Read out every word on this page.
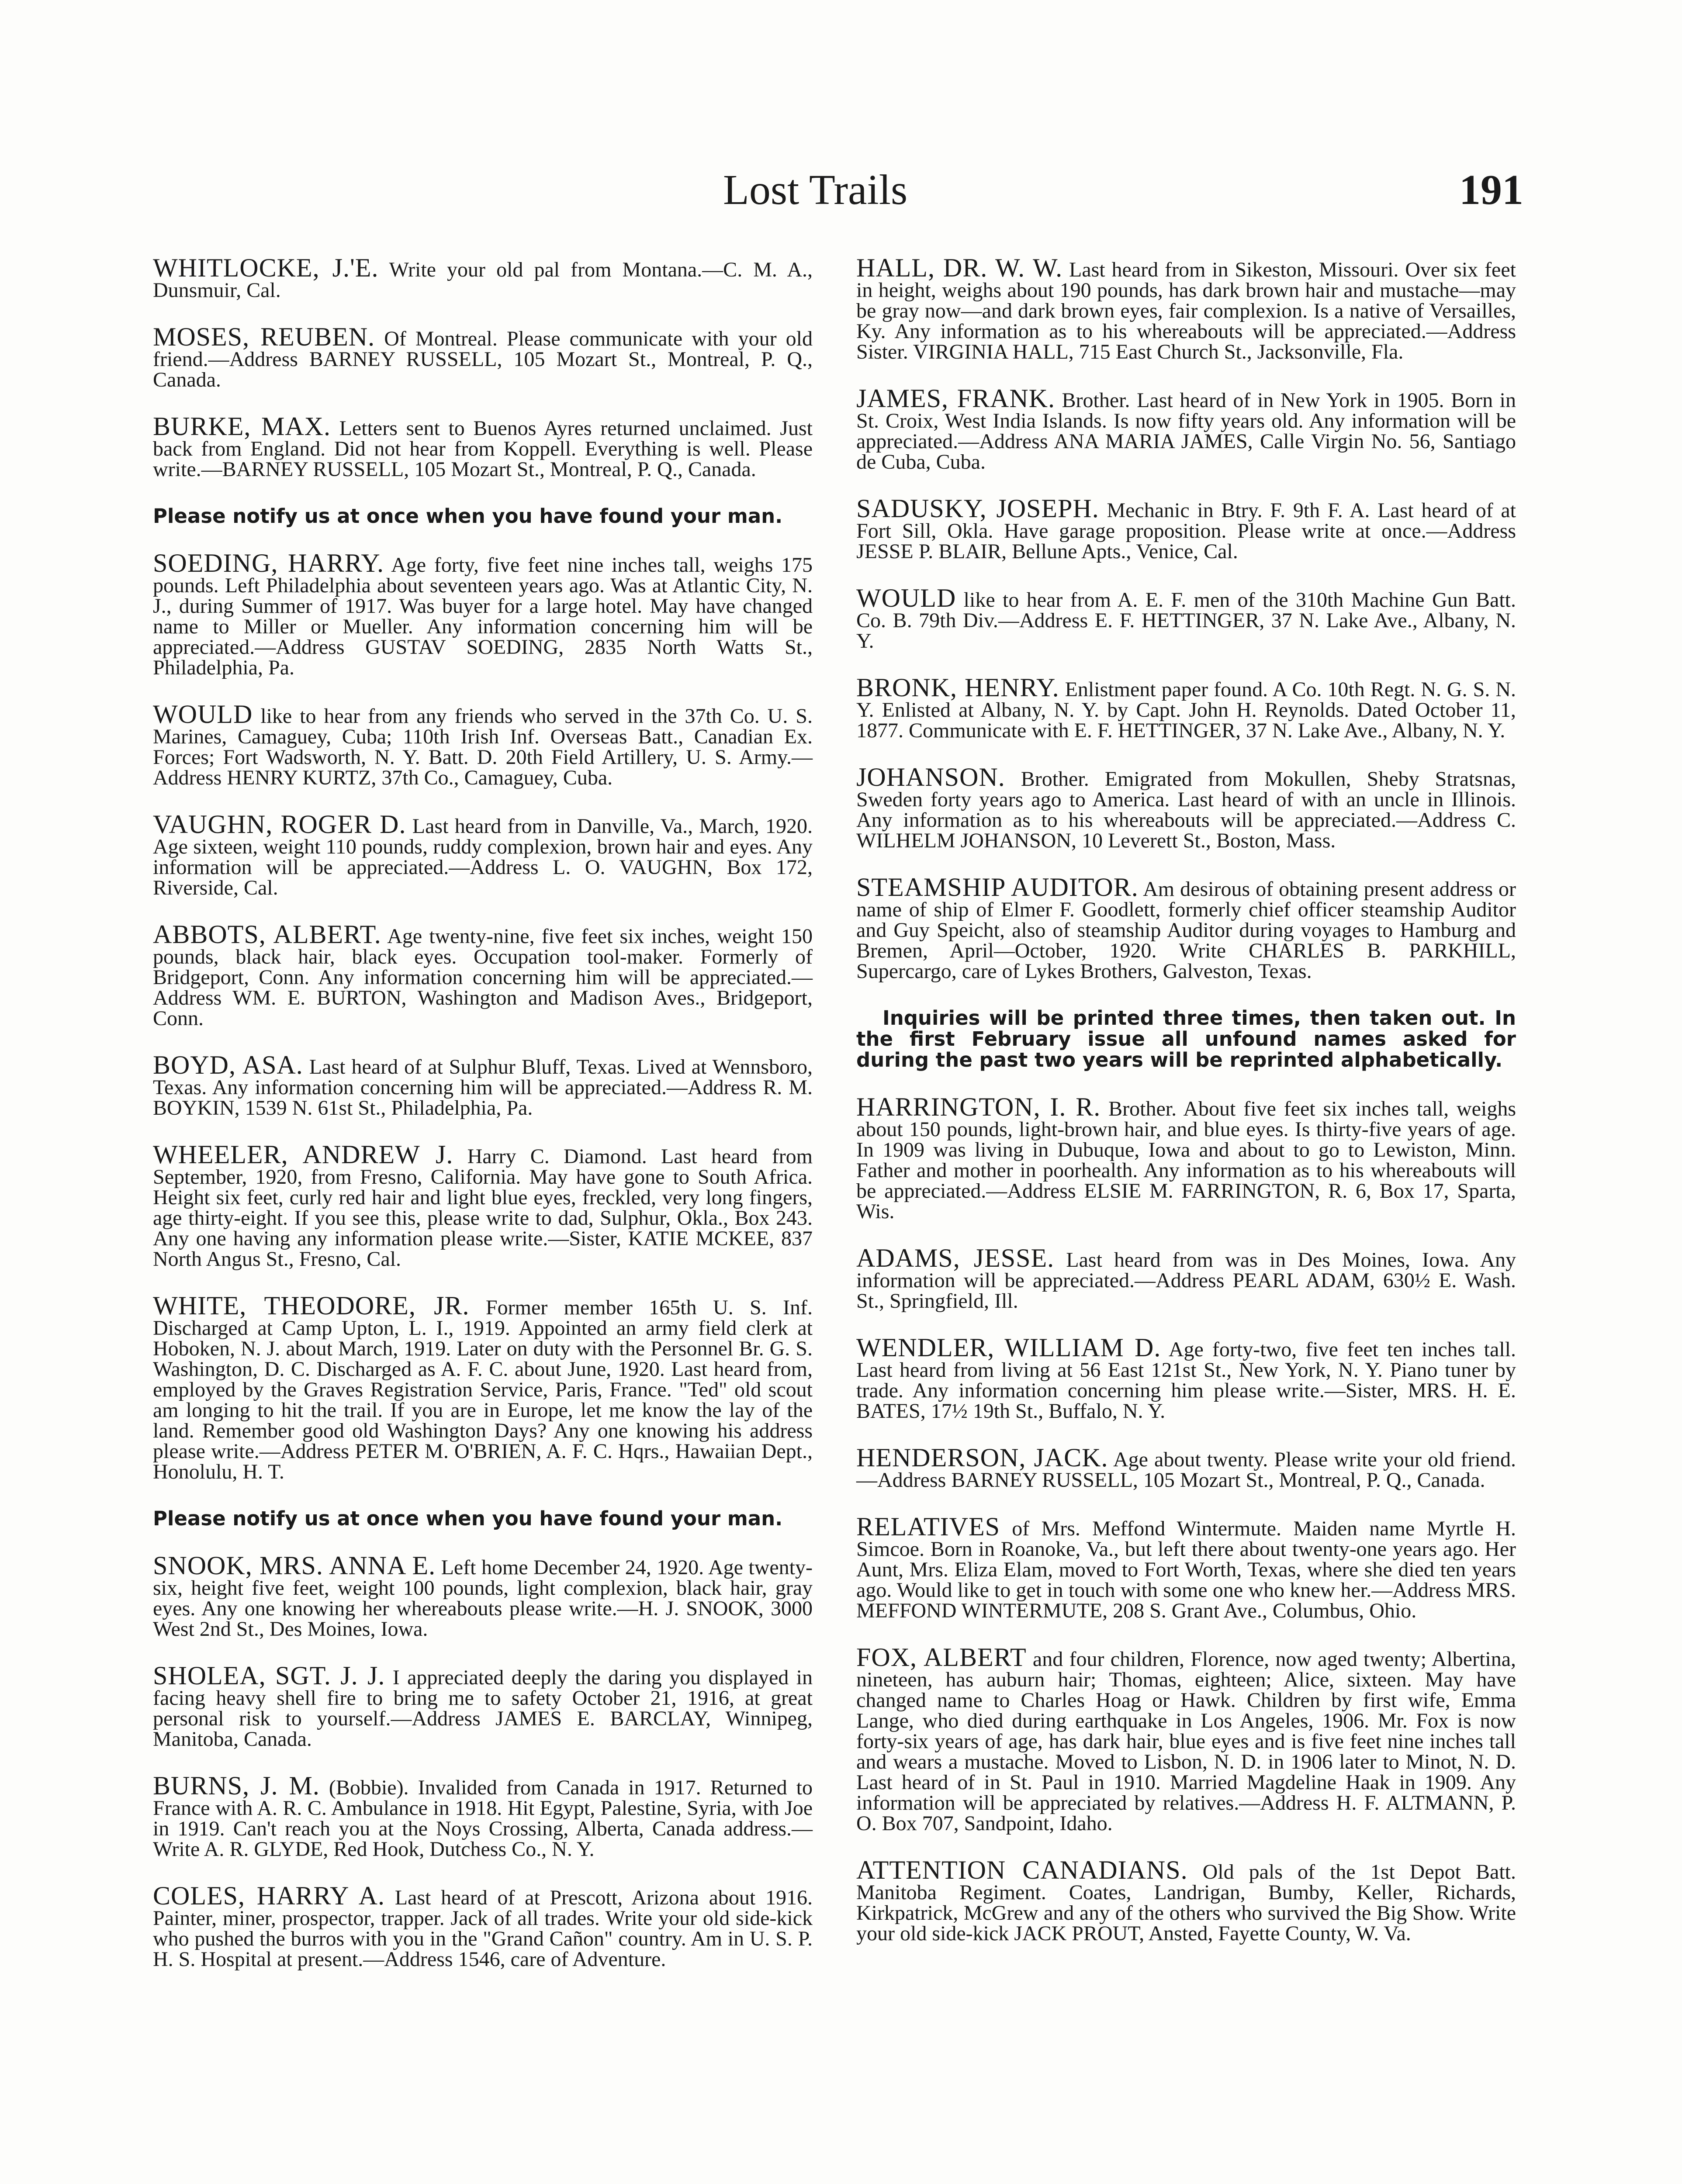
Lost Trails	191

WHITLOCKE, J.'E. Write your old pal from Montana.—C. M. A., Dunsmuir, Cal.

MOSES, REUBEN. Of Montreal. Please communicate with your old friend.—Address BARNEY RUSSELL, 105 Mozart St., Montreal, P. Q., Canada.

BURKE, MAX. Letters sent to Buenos Ayres returned unclaimed. Just back from England. Did not hear from Koppell. Everything is well. Please write.—BARNEY RUSSELL, 105 Mozart St., Montreal, P. Q., Canada.

Please notify us at once when you have found your man.

SOEDING, HARRY. Age forty, five feet nine inches tall, weighs 175 pounds. Left Philadelphia about seventeen years ago. Was at Atlantic City, N. J., during Summer of 1917. Was buyer for a large hotel. May have changed name to Miller or Mueller. Any information concerning him will be appreciated.—Address GUSTAV SOEDING, 2835 North Watts St., Philadelphia, Pa.

WOULD like to hear from any friends who served in the 37th Co. U. S. Marines, Camaguey, Cuba; 110th Irish Inf. Overseas Batt., Canadian Ex. Forces; Fort Wadsworth, N. Y. Batt. D. 20th Field Artillery, U. S. Army.—Address HENRY KURTZ, 37th Co., Camaguey, Cuba.

VAUGHN, ROGER D. Last heard from in Danville, Va., March, 1920. Age sixteen, weight 110 pounds, ruddy complexion, brown hair and eyes. Any information will be appreciated.—Address L. O. VAUGHN, Box 172, Riverside, Cal.

ABBOTS, ALBERT. Age twenty-nine, five feet six inches, weight 150 pounds, black hair, black eyes. Occupation tool-maker. Formerly of Bridgeport, Conn. Any information concerning him will be appreciated.—Address WM. E. BURTON, Washington and Madison Aves., Bridgeport, Conn.

BOYD, ASA. Last heard of at Sulphur Bluff, Texas. Lived at Wennsboro, Texas. Any information concerning him will be appreciated.—Address R. M. BOYKIN, 1539 N. 61st St., Philadelphia, Pa.

WHEELER, ANDREW J. Harry C. Diamond. Last heard from September, 1920, from Fresno, California. May have gone to South Africa. Height six feet, curly red hair and light blue eyes, freckled, very long fingers, age thirty-eight. If you see this, please write to dad, Sulphur, Okla., Box 243. Any one having any information please write.—Sister, KATIE MCKEE, 837 North Angus St., Fresno, Cal.

WHITE, THEODORE, JR. Former member 165th U. S. Inf. Discharged at Camp Upton, L. I., 1919. Appointed an army field clerk at Hoboken, N. J. about March, 1919. Later on duty with the Personnel Br. G. S. Washington, D. C. Discharged as A. F. C. about June, 1920. Last heard from, employed by the Graves Registration Service, Paris, France. "Ted" old scout am longing to hit the trail. If you are in Europe, let me know the lay of the land. Remember good old Washington Days? Any one knowing his address please write.—Address PETER M. O'BRIEN, A. F. C. Hqrs., Hawaiian Dept., Honolulu, H. T.

Please notify us at once when you have found your man.

SNOOK, MRS. ANNA E. Left home December 24, 1920. Age twenty-six, height five feet, weight 100 pounds, light complexion, black hair, gray eyes. Any one knowing her whereabouts please write.—H. J. SNOOK, 3000 West 2nd St., Des Moines, Iowa.

SHOLEA, SGT. J. J. I appreciated deeply the daring you displayed in facing heavy shell fire to bring me to safety October 21, 1916, at great personal risk to yourself.—Address JAMES E. BARCLAY, Winnipeg, Manitoba, Canada.

BURNS, J. M. (Bobbie). Invalided from Canada in 1917. Returned to France with A. R. C. Ambulance in 1918. Hit Egypt, Palestine, Syria, with Joe in 1919. Can't reach you at the Noys Crossing, Alberta, Canada address.—Write A. R. GLYDE, Red Hook, Dutchess Co., N. Y.

COLES, HARRY A. Last heard of at Prescott, Arizona about 1916. Painter, miner, prospector, trapper. Jack of all trades. Write your old side-kick who pushed the burros with you in the "Grand Cañon" country. Am in U. S. P. H. S. Hospital at present.—Address 1546, care of Adventure.

HALL, DR. W. W. Last heard from in Sikeston, Missouri. Over six feet in height, weighs about 190 pounds, has dark brown hair and mustache—may be gray now—and dark brown eyes, fair complexion. Is a native of Versailles, Ky. Any information as to his whereabouts will be appreciated.—Address Sister. VIRGINIA HALL, 715 East Church St., Jacksonville, Fla.

JAMES, FRANK. Brother. Last heard of in New York in 1905. Born in St. Croix, West India Islands. Is now fifty years old. Any information will be appreciated.—Address ANA MARIA JAMES, Calle Virgin No. 56, Santiago de Cuba, Cuba.

SADUSKY, JOSEPH. Mechanic in Btry. F. 9th F. A. Last heard of at Fort Sill, Okla. Have garage proposition. Please write at once.—Address JESSE P. BLAIR, Bellune Apts., Venice, Cal.

WOULD like to hear from A. E. F. men of the 310th Machine Gun Batt. Co. B. 79th Div.—Address E. F. HETTINGER, 37 N. Lake Ave., Albany, N. Y.

BRONK, HENRY. Enlistment paper found. A Co. 10th Regt. N. G. S. N. Y. Enlisted at Albany, N. Y. by Capt. John H. Reynolds. Dated October 11, 1877. Communicate with E. F. HETTINGER, 37 N. Lake Ave., Albany, N. Y.

JOHANSON. Brother. Emigrated from Mokullen, Sheby Stratsnas, Sweden forty years ago to America. Last heard of with an uncle in Illinois. Any information as to his whereabouts will be appreciated.—Address C. WILHELM JOHANSON, 10 Leverett St., Boston, Mass.

STEAMSHIP AUDITOR. Am desirous of obtaining present address or name of ship of Elmer F. Goodlett, formerly chief officer steamship Auditor and Guy Speicht, also of steamship Auditor during voyages to Hamburg and Bremen, April—October, 1920. Write CHARLES B. PARKHILL, Supercargo, care of Lykes Brothers, Galveston, Texas.

Inquiries will be printed three times, then taken out. In the first February issue all unfound names asked for during the past two years will be reprinted alphabetically.

HARRINGTON, I. R. Brother. About five feet six inches tall, weighs about 150 pounds, light-brown hair, and blue eyes. Is thirty-five years of age. In 1909 was living in Dubuque, Iowa and about to go to Lewiston, Minn. Father and mother in poorhealth. Any information as to his whereabouts will be appreciated.—Address ELSIE M. FARRINGTON, R. 6, Box 17, Sparta, Wis.

ADAMS, JESSE. Last heard from was in Des Moines, Iowa. Any information will be appreciated.—Address PEARL ADAM, 630½ E. Wash. St., Springfield, Ill.

WENDLER, WILLIAM D. Age forty-two, five feet ten inches tall. Last heard from living at 56 East 121st St., New York, N. Y. Piano tuner by trade. Any information concerning him please write.—Sister, MRS. H. E. BATES, 17½ 19th St., Buffalo, N. Y.

HENDERSON, JACK. Age about twenty. Please write your old friend.—Address BARNEY RUSSELL, 105 Mozart St., Montreal, P. Q., Canada.

RELATIVES of Mrs. Meffond Wintermute. Maiden name Myrtle H. Simcoe. Born in Roanoke, Va., but left there about twenty-one years ago. Her Aunt, Mrs. Eliza Elam, moved to Fort Worth, Texas, where she died ten years ago. Would like to get in touch with some one who knew her.—Address MRS. MEFFOND WINTERMUTE, 208 S. Grant Ave., Columbus, Ohio.

FOX, ALBERT and four children, Florence, now aged twenty; Albertina, nineteen, has auburn hair; Thomas, eighteen; Alice, sixteen. May have changed name to Charles Hoag or Hawk. Children by first wife, Emma Lange, who died during earthquake in Los Angeles, 1906. Mr. Fox is now forty-six years of age, has dark hair, blue eyes and is five feet nine inches tall and wears a mustache. Moved to Lisbon, N. D. in 1906 later to Minot, N. D. Last heard of in St. Paul in 1910. Married Magdeline Haak in 1909. Any information will be appreciated by relatives.—Address H. F. ALTMANN, P. O. Box 707, Sandpoint, Idaho.

ATTENTION CANADIANS. Old pals of the 1st Depot Batt. Manitoba Regiment. Coates, Landrigan, Bumby, Keller, Richards, Kirkpatrick, McGrew and any of the others who survived the Big Show. Write your old side-kick JACK PROUT, Ansted, Fayette County, W. Va.
